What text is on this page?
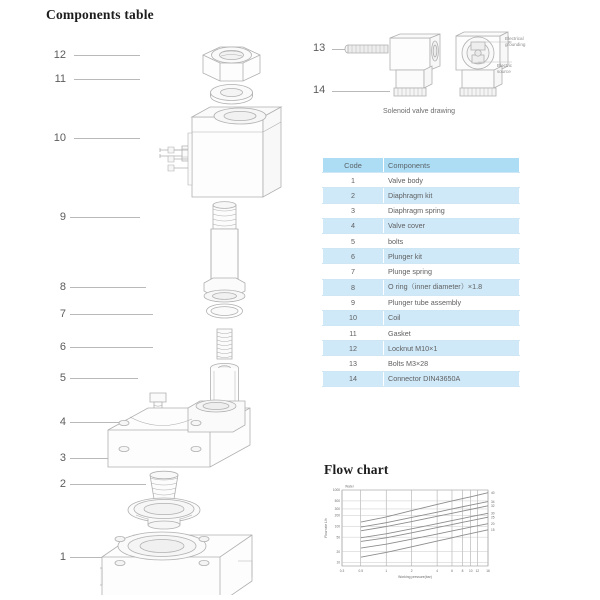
Components table
Flow chart
12
11
10
9
8
7
6
5
4
3
2
1
13
14
Electrical
grounding
Electric
source
Solenoid valve drawing
Code	Components
1	Valve body
2	Diaphragm kit
3	Diaphragm spring
4	Valve cover
5	bolts
6	Plunger kit
7	Plunge spring
8	O ring（inner diameter）×1.8
9	Plunger tube assembly
10	Coil
11	Gasket
12	Locknut M10×1
13	Bolts M3×28
14	Connector DIN43650A
0.3	0.5	1	2	4	6	8 10 12 16
10
20
50
100
200
300
500
1000
40
34
32
30
25
20
15
Water
Working pressure(bar)
Flow rate L/h
